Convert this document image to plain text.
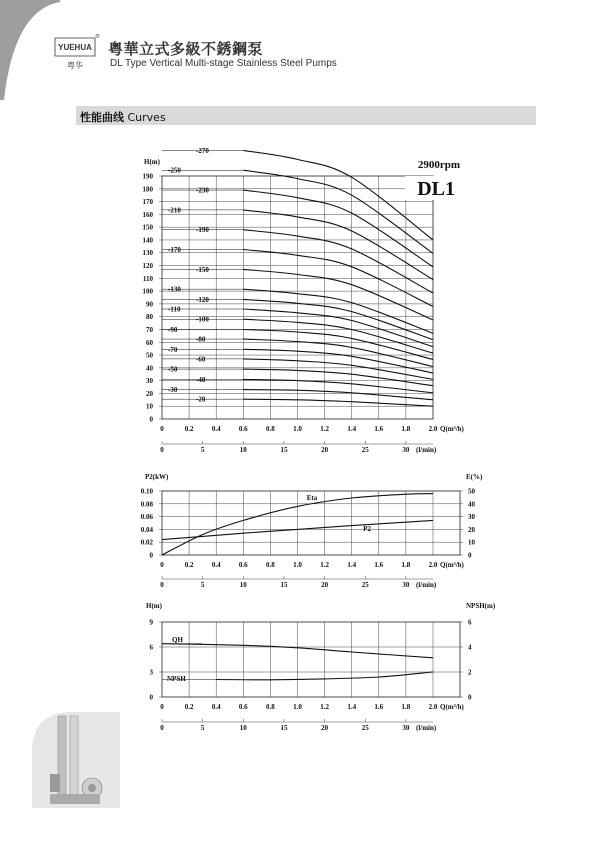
YUEHUA
粤华
®
粤華立式多級不銹鋼泵

DL Type Vertical Multi-stage Stainless Steel Pumps

性能曲线 Curves

0	0.2	0.4	0.6	0.8	1.0	1.2	1.4	1.6	1.8	2.0
0
10
20
30
40
50
60
70
80
90
100
110
120
130
140
150
160
170
180
190
H(m)
Q(m³/h)
0	5	10	15	20	25	30 (l/min)
-20
-30
-40
-50
-60
-70
-80
-90
-100
-110
-120
-130
-150
-170
-190
-210
-230
-250
-270
2900rpm
DL1
0	0.2	0.4	0.6	0.8	1.0	1.2	1.4	1.6	1.8	2.0
0
0.02
0.04
0.06
0.08
0.10
0
10
20
30
40
50
E(%)
P2(kW)
Q(m³/h)
0	5	10	15	20	25	30 (l/min)
Eta
P2
0	0.2	0.4	0.6	0.8	1.0	1.2	1.4	1.6	1.8	2.0
0
3
6
9
0
2
4
6
NPSH(m)
H(m)
Q(m³/h)
0	5	10	15	20	25	30 (l/min)
QH
NPSH
